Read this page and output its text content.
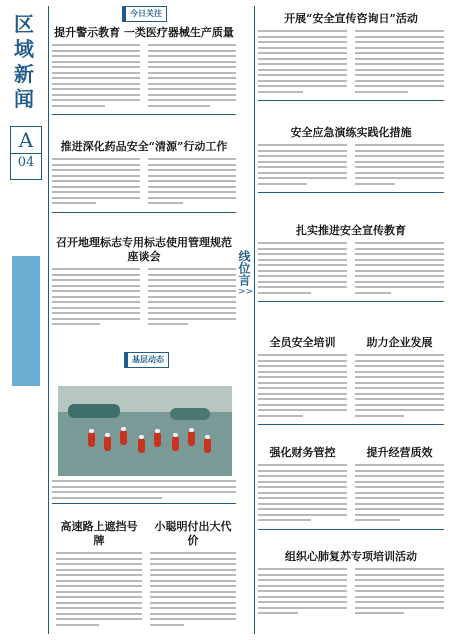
区域新闻
A
04
今日关注
提升警示教育 一类医疗器械生产质量
推进深化药品安全“清源”行动工作
召开地理标志专用标志使用管理规范座谈会
基层动态
高速路上遮挡号牌
小聪明付出大代价
线位言
>>
开展“安全宣传咨询日”活动
安全应急演练实践化措施
扎实推进安全宣传教育
全员安全培训	助力企业发展
强化财务管控	提升经营质效
组织心肺复苏专项培训活动
